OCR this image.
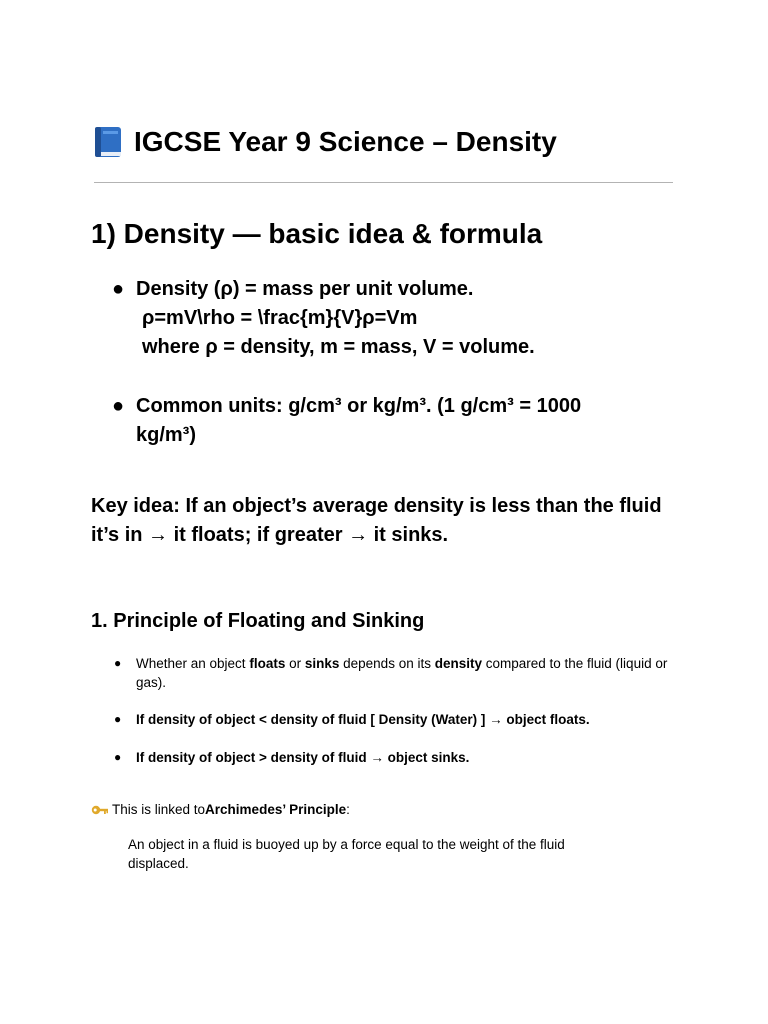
IGCSE Year 9 Science – Density
1) Density — basic idea & formula
● Density (ρ) = mass per unit volume.
ρ=mV\rho = \frac{m}{V}ρ=Vm
where ρ = density, m = mass, V = volume.
● Common units: g/cm³ or kg/m³. (1 g/cm³ = 1000
kg/m³)
Key idea: If an object’s average density is less than the fluid it’s in → it floats; if greater → it sinks.
1. Principle of Floating and Sinking
● Whether an object floats or sinks depends on its density compared to the fluid (liquid or gas).
● If density of object < density of fluid [ Density (Water) ] → object floats.
● If density of object > density of fluid → object sinks.
This is linked to Archimedes’ Principle :
An object in a fluid is buoyed up by a force equal to the weight of the fluid displaced.
